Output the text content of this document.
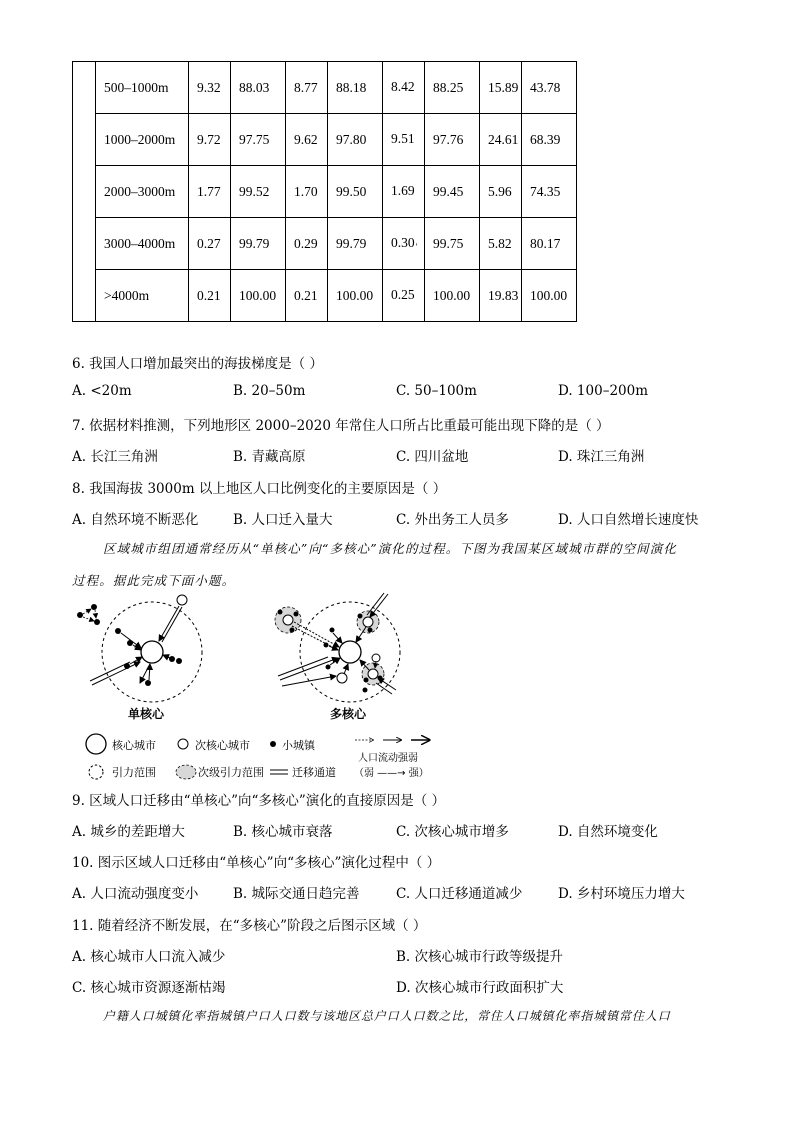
	500–1000m	9.32	88.03	8.77	88.18	8.42	88.25	15.89	43.78
	1000–2000m	9.72	97.75	9.62	97.80	9.51	97.76	24.61	68.39
	2000–3000m	1.77	99.52	1.70	99.50	1.69	99.45	5.96	74.35
	3000–4000m	0.27	99.79	0.29	99.79	$0.30'$	99.75	5.82	80.17
	>4000m	0.21	100.00	0.21	100.00	0.25	100.00	19.83	100.00
6. 我国人口增加最突出的海拔梯度是（ ）
A. <20m	B. 20–50m	C. 50–100m	D. 100–200m
7. 依据材料推测，下列地形区 2000–2020 年常住人口所占比重最可能出现下降的是（ ）
A. 长江三角洲	B. 青藏高原	C. 四川盆地	D. 珠江三角洲
8. 我国海拔 3000m 以上地区人口比例变化的主要原因是（ ）
A. 自然环境不断恶化	B. 人口迁入量大	C. 外出务工人员多	D. 人口自然增长速度快
区域城市组团通常经历从“单核心”向“多核心”演化的过程。下图为我国某区域城市群的空间演化
过程。据此完成下面小题。
单核心	多核心
核心城市	次核心城市	小城镇
人口流动强弱
（弱 ——→ 强）
引力范围	次级引力范围	迁移通道
9. 区域人口迁移由“单核心”向“多核心”演化的直接原因是（ ）
A. 城乡的差距增大	B. 核心城市衰落	C. 次核心城市增多	D. 自然环境变化
10. 图示区域人口迁移由“单核心”向“多核心”演化过程中（ ）
A. 人口流动强度变小	B. 城际交通日趋完善	C. 人口迁移通道减少	D. 乡村环境压力增大
11. 随着经济不断发展，在“多核心”阶段之后图示区域（ ）
A. 核心城市人口流入减少	B. 次核心城市行政等级提升
C. 核心城市资源逐渐枯竭	D. 次核心城市行政面积扩大
户籍人口城镇化率指城镇户口人口数与该地区总户口人口数之比，常住人口城镇化率指城镇常住人口
